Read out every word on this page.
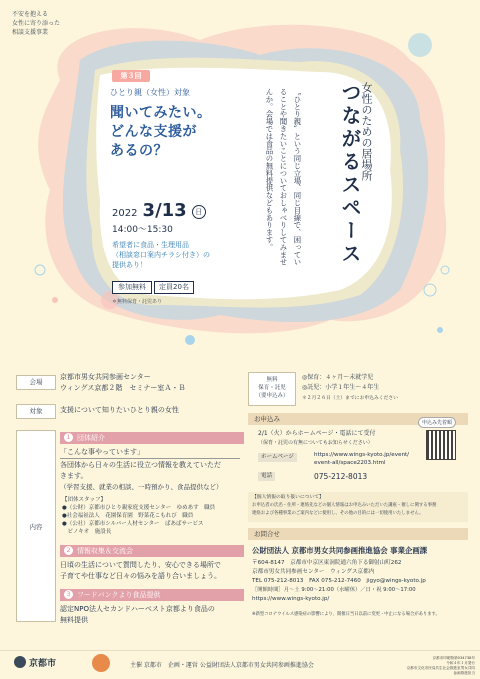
不安を抱える
女性に寄り添った
相談支援事業
第３回
ひとり親（女性）対象
聞いてみたい。
どんな支援が
あるの？
2022 3/13 日
14:00～15:30
希望者に食品・生理用品
（相談窓口案内チラシ付き）の
提供あり！
参加無料	定員20名
＊無料保育・託児あり
女性のための居場所
つながるスペース
〝ひとり親〟という同じ立場、同じ目線で、困っていることや聞きたいことについておしゃべりしてみませんか。会場では食品の無料提供などもあります。
会場
京都市男女共同参画センター
ウィングス京都２階　セミナー室Ａ・Ｂ
対象	支援について知りたいひとり親の女性
内容
1 団体紹介
「こんな事やっています」
各団体から日々の生活に役立つ情報を教えていただ
きます。
（学習支援、就業の相談、一時預かり、食品提供など）
【団体スタッフ】
●（公財）京都市ひとり親家庭支援センター　ゆめあす　職員
●社会福祉法人　花園保育園　野菜花こもれび　職員
●（公社）京都市シルバー人材センター　ぱあばサービス
　ピノキオ　施設長
2 情報収集＆交流会
日頃の生活について質問したり、安心できる場所で
子育てや仕事など日々の悩みを語り合いましょう。
3 フードバンクより食品提供
認定NPO法人セカンドハーベスト京都より食品の
無料提供
無料
保育・託児
（要申込み）
◎保育：４ヶ月～未就学児
◎託児：小学１年生～４年生
＊２月２６日（土）までにお申込みください
お申込み
2/1（火）からホームページ・電話にて受付
（保育・託児の有無についてもお知らせください）
申込み先着順
ホームページ	https://www.wings-kyoto.jp/event/
event-all/space2203.html
電話	075-212-8013
【個人情報の取り扱いについて】
お申込者の氏名・住所・連絡先などの個人情報はお申込みいただいた講座・催しに関する事務
連絡および各種事業のご案内などに使用し、その他の目的には一切使用いたしません。
お問合せ
公財団法人 京都市男女共同参画推進協会 事業企画課
〒604-8147　京都市中京区東洞院通六角下る御射山町262
京都市男女共同参画センター　ウィングス京都内
TEL 075-212-8013　FAX 075-212-7460　jigyo@wings-kyoto.jp
［開館時間］月～土 9:00～21:00（水曜休）／日・祝 9:00～17:00
https://www.wings-kyoto.jp/
※新型コロナウイルス感染症の影響により、開催日当日以前に変更・中止になる場合があります。
京都市	主催 京都市　企画・運営 公益財団法人京都市男女共同参画推進協会
京都市印刷物第034738号
令和４年１月発行
京都市文化市民局共生社会推進室男女共同参画推進担当
